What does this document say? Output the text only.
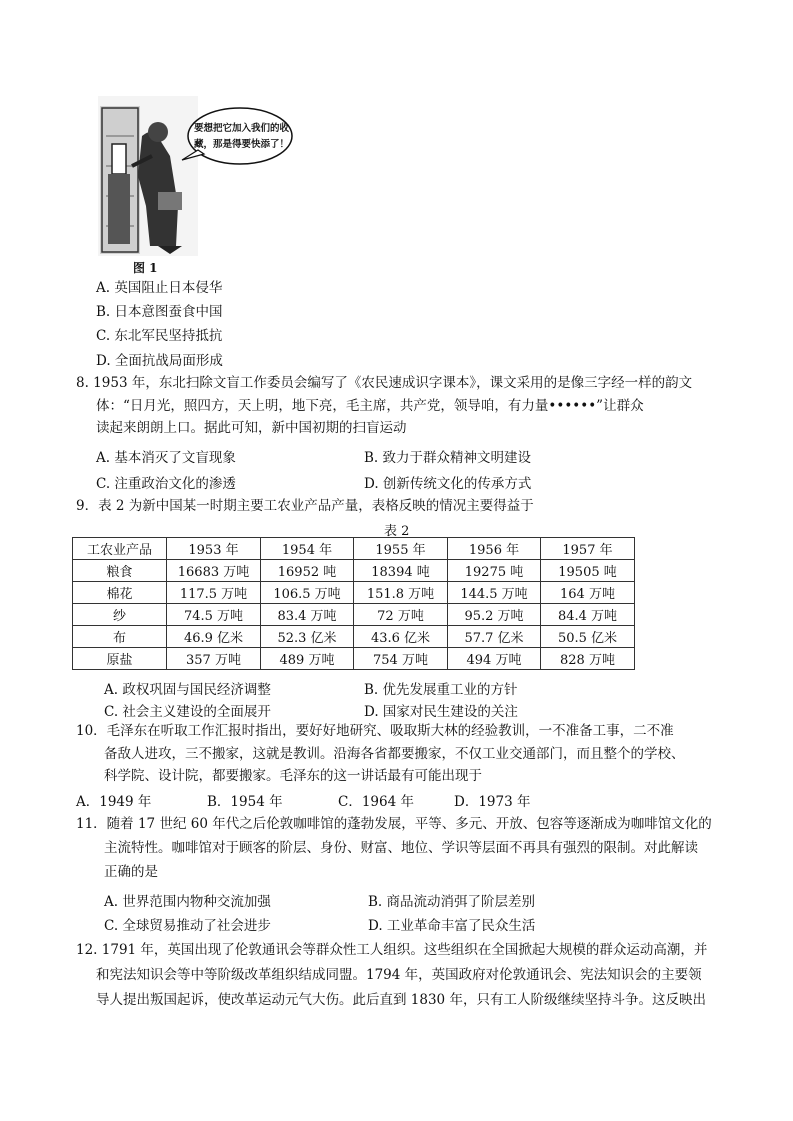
要想把它加入我们的收
藏，那是得要快添了！
图 1
A. 英国阻止日本侵华
B. 日本意图蚕食中国
C. 东北军民坚持抵抗
D. 全面抗战局面形成
8. 1953 年，东北扫除文盲工作委员会编写了《农民速成识字课本》，课文采用的是像三字经一样的韵文
体：“日月光，照四方，天上明，地下亮，毛主席，共产党，领导咱，有力量••••••”让群众
读起来朗朗上口。据此可知，新中国初期的扫盲运动
A. 基本消灭了文盲现象	B. 致力于群众精神文明建设
C. 注重政治文化的渗透	D. 创新传统文化的传承方式
9．表 2 为新中国某一时期主要工农业产品产量，表格反映的情况主要得益于
表 2
工农业产品	1953 年	1954 年	1955 年	1956 年	1957 年
粮食	16683 万吨	16952 吨	18394 吨	19275 吨	19505 吨
棉花	117.5 万吨	106.5 万吨	151.8 万吨	144.5 万吨	164 万吨
纱	74.5 万吨	83.4 万吨	72 万吨	95.2 万吨	84.4 万吨
布	46.9 亿米	52.3 亿米	43.6 亿米	57.7 亿米	50.5 亿米
原盐	357 万吨	489 万吨	754 万吨	494 万吨	828 万吨
A. 政权巩固与国民经济调整	B. 优先发展重工业的方针
C. 社会主义建设的全面展开	D. 国家对民生建设的关注
10．毛泽东在听取工作汇报时指出，要好好地研究、吸取斯大林的经验教训，一不准备工事，二不准
备敌人进攻，三不搬家，这就是教训。沿海各省都要搬家，不仅工业交通部门，而且整个的学校、
科学院、设计院，都要搬家。毛泽东的这一讲话最有可能出现于
A．1949 年	B．1954 年	C．1964 年	D．1973 年
11．随着 17 世纪 60 年代之后伦敦咖啡馆的蓬勃发展，平等、多元、开放、包容等逐渐成为咖啡馆文化的
主流特性。咖啡馆对于顾客的阶层、身份、财富、地位、学识等层面不再具有强烈的限制。对此解读
正确的是
A. 世界范围内物种交流加强	B. 商品流动消弭了阶层差别
C. 全球贸易推动了社会进步	D. 工业革命丰富了民众生活
12. 1791 年，英国出现了伦敦通讯会等群众性工人组织。这些组织在全国掀起大规模的群众运动高潮，并
和宪法知识会等中等阶级改革组织结成同盟。1794 年，英国政府对伦敦通讯会、宪法知识会的主要领
导人提出叛国起诉，使改革运动元气大伤。此后直到 1830 年，只有工人阶级继续坚持斗争。这反映出
